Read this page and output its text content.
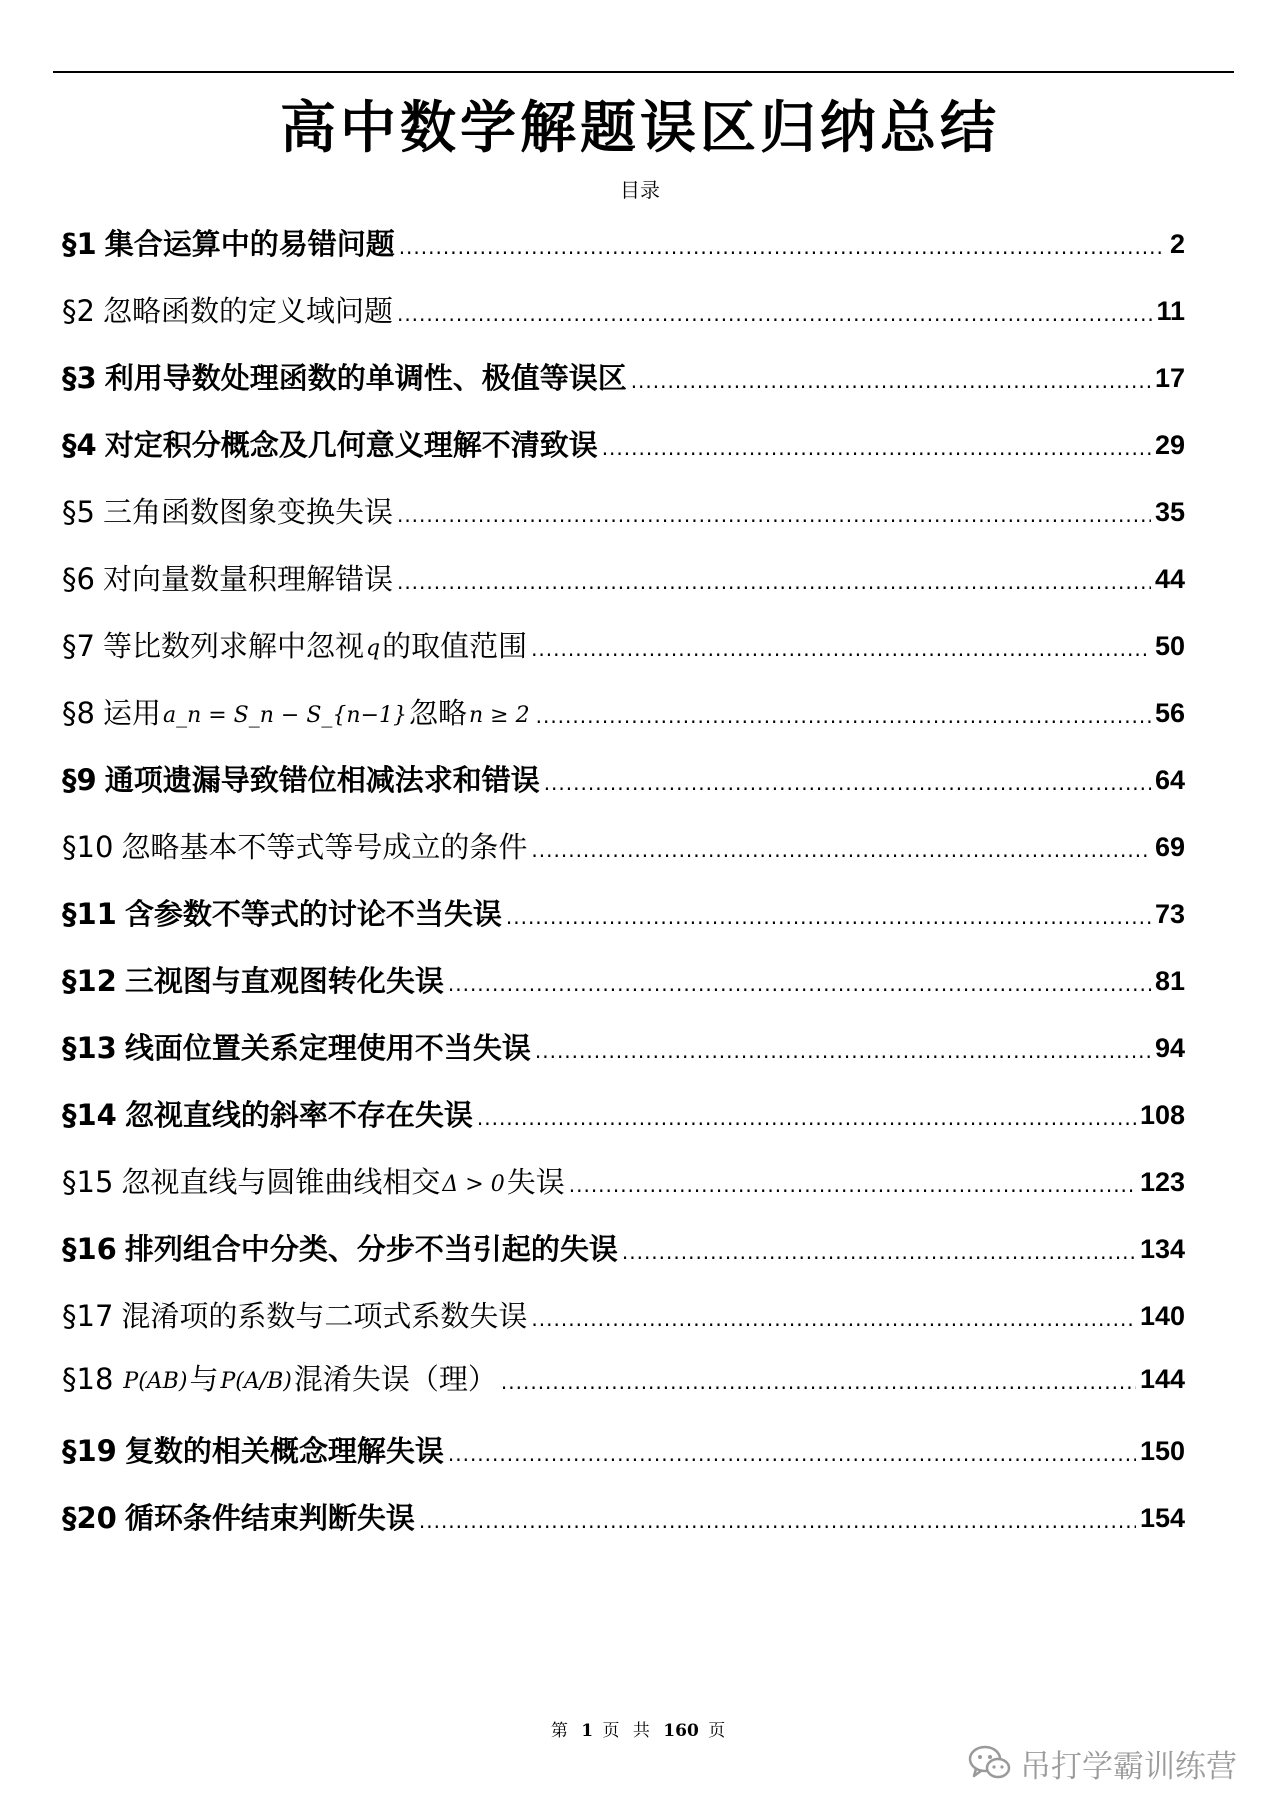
高中数学解题误区归纳总结
目录
§1 集合运算中的易错问题 .....	2
§2 忽略函数的定义域问题 .....	11
§3 利用导数处理函数的单调性、极值等误区 .....	17
§4 对定积分概念及几何意义理解不清致误 .....	29
§5 三角函数图象变换失误 .....	35
§6 对向量数量积理解错误 .....	44
§7 等比数列求解中忽视 q 的取值范围 .....	50
§8 运用 a_n = S_n − S_{n−1} 忽略 n ≥ 2 .....	56
§9 通项遗漏导致错位相减法求和错误 .....	64
§10 忽略基本不等式等号成立的条件 .....	69
§11 含参数不等式的讨论不当失误 .....	73
§12 三视图与直观图转化失误 .....	81
§13 线面位置关系定理使用不当失误 .....	94
§14 忽视直线的斜率不存在失误 .....	108
§15 忽视直线与圆锥曲线相交 Δ > 0 失误 .....	123
§16 排列组合中分类、分步不当引起的失误 .....	134
§17 混淆项的系数与二项式系数失误 .....	140
§18 P(AB) 与 P(A/B) 混淆失误（理） .....	144
§19 复数的相关概念理解失误 .....	150
§20 循环条件结束判断失误 .....	154
第 1 页 共 160 页
吊打学霸训练营
